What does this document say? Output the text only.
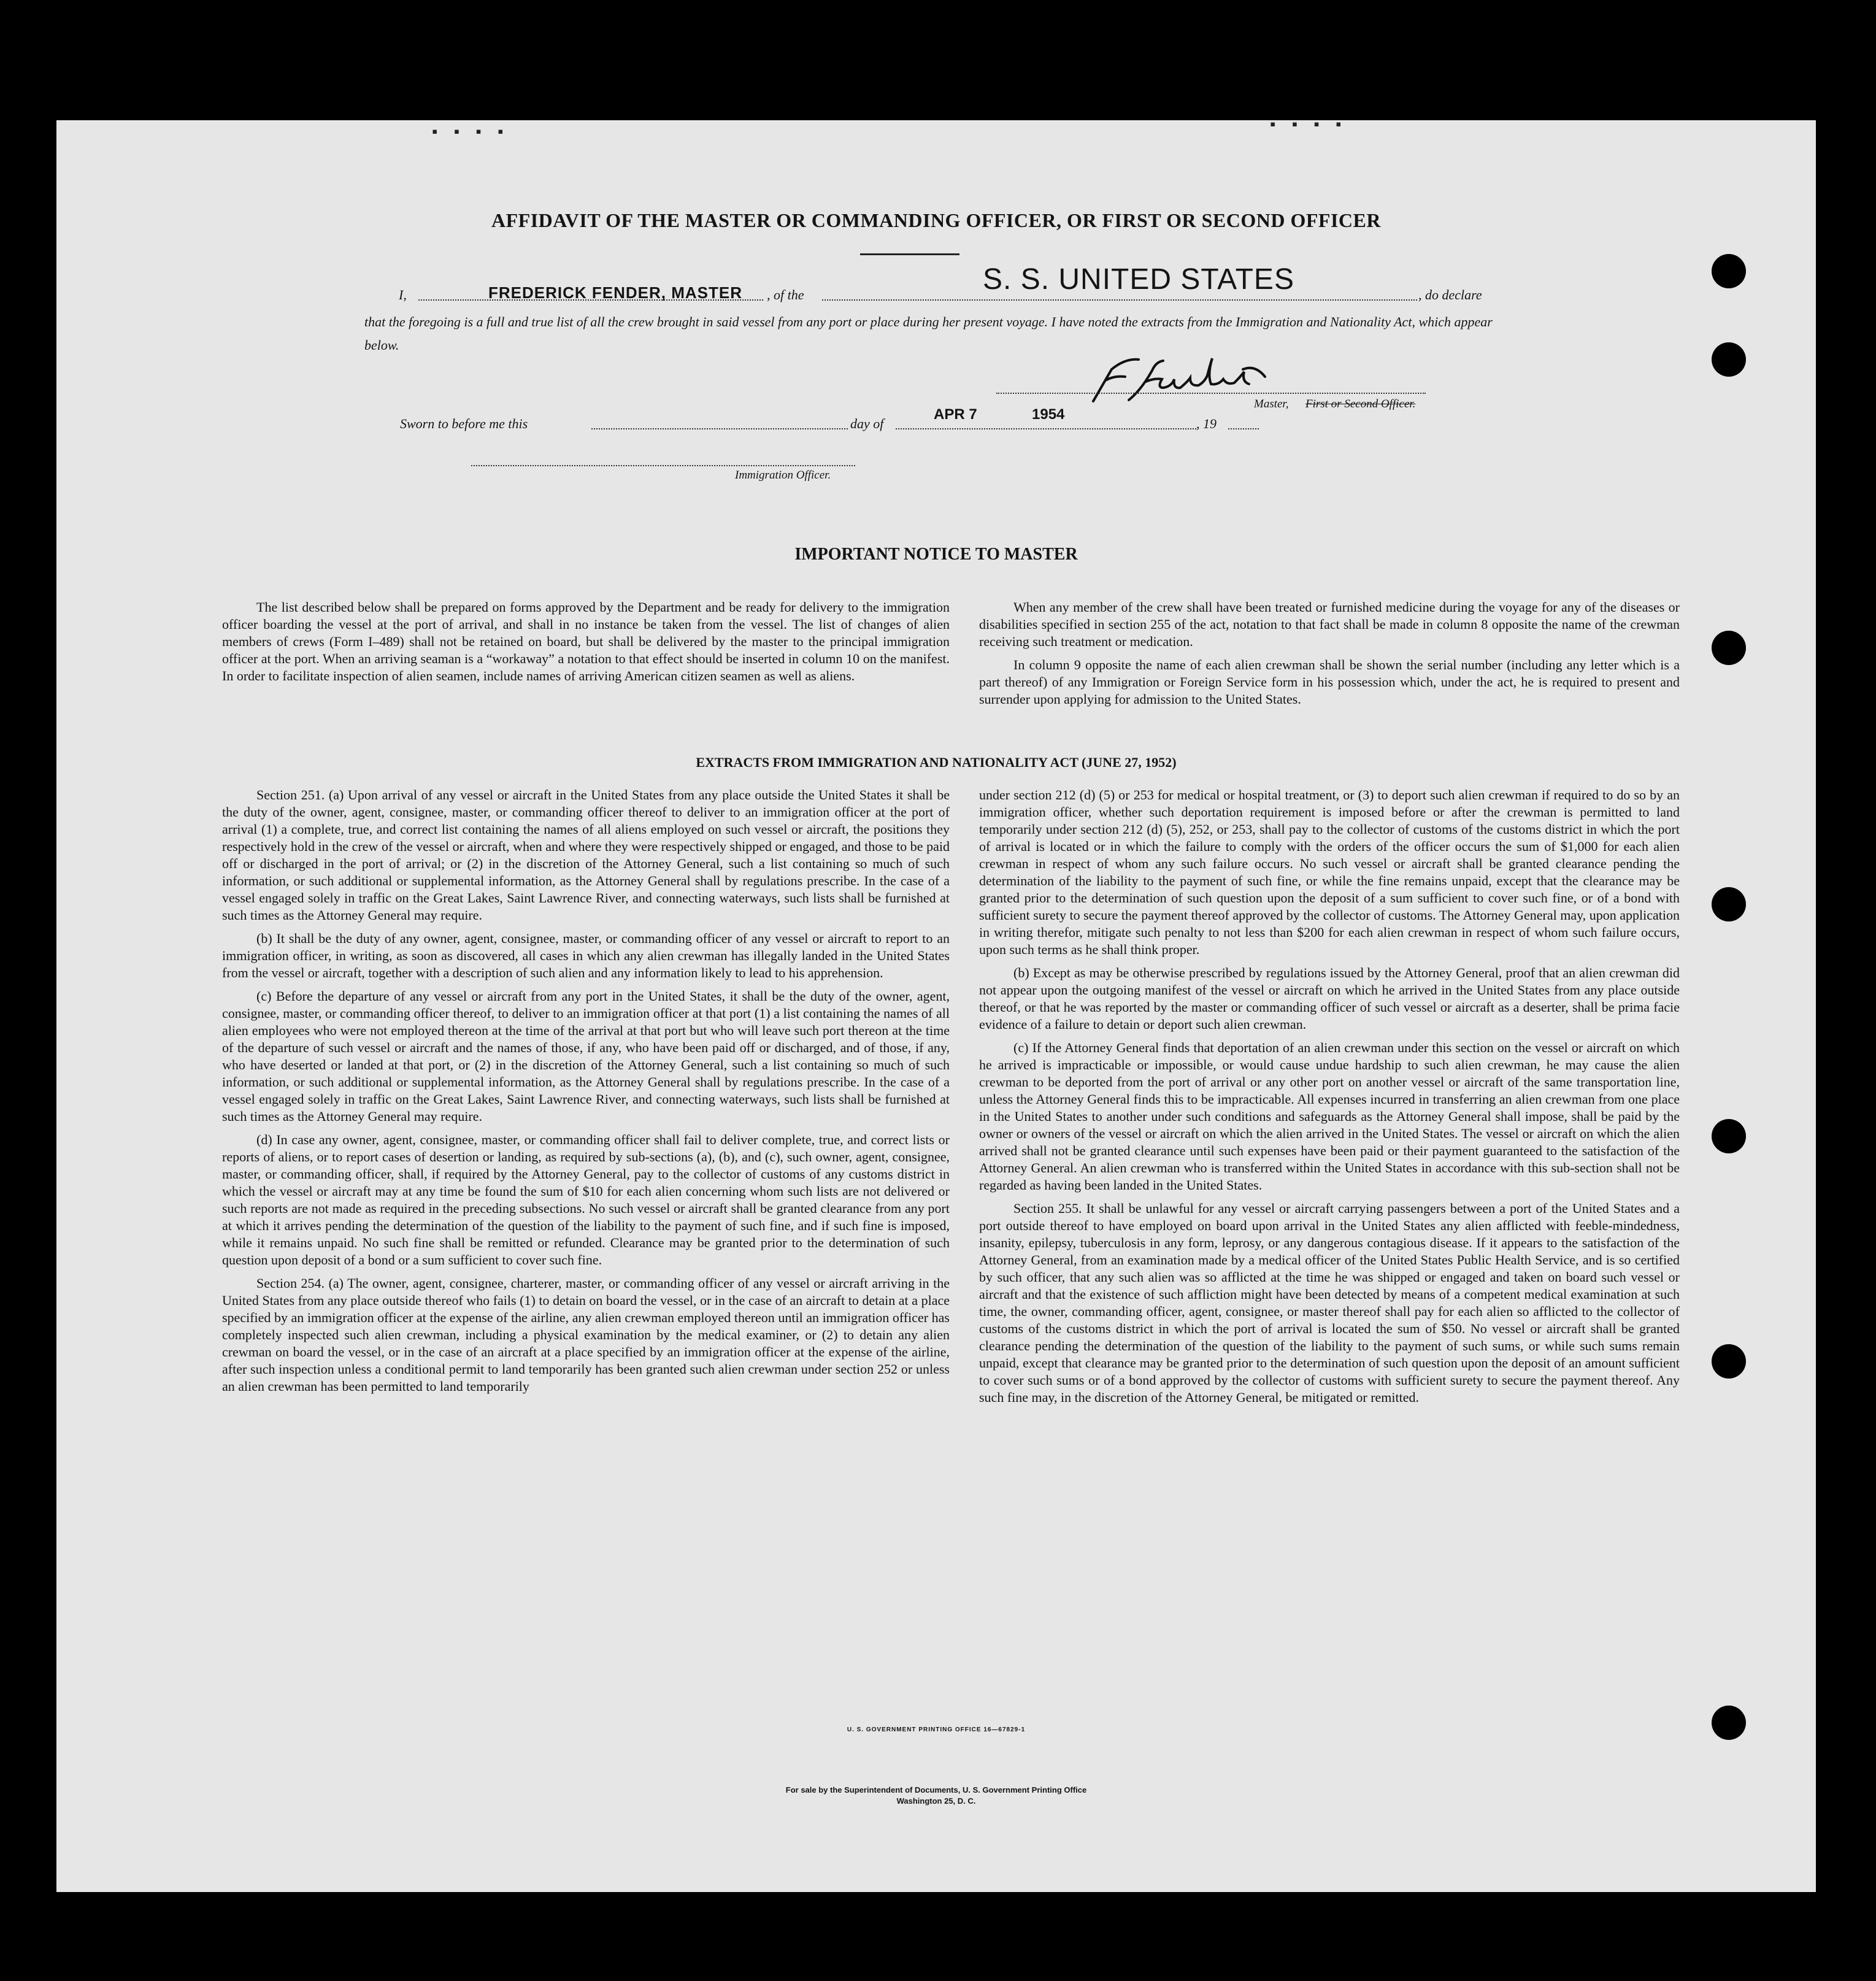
▪ ▪ ▪ ▪	▪ ▪ ▪ ▪
AFFIDAVIT OF THE MASTER OR COMMANDING OFFICER, OR FIRST OR SECOND OFFICER
I,	FREDERICK FENDER, MASTER , of the	S. S. UNITED STATES	, do declare
that the foregoing is a full and true list of all the crew brought in said vessel from any port or place during her present voyage. I have noted the extracts from the Immigration and Nationality Act, which appear below.
Master, First or Second Officer.
Sworn to before me this	day of
APR 7	1954
, 19
Immigration Officer.
IMPORTANT NOTICE TO MASTER

The list described below shall be prepared on forms approved by the Department and be ready for delivery to the immigration officer boarding the vessel at the port of arrival, and shall in no instance be taken from the vessel. The list of changes of alien members of crews (Form I–489) shall not be retained on board, but shall be delivered by the master to the principal immigration officer at the port. When an arriving seaman is a “workaway” a notation to that effect should be inserted in column 10 on the manifest. In order to facilitate inspection of alien seamen, include names of arriving American citizen seamen as well as aliens.

When any member of the crew shall have been treated or furnished medicine during the voyage for any of the diseases or disabilities specified in section 255 of the act, notation to that fact shall be made in column 8 opposite the name of the crewman receiving such treatment or medication.

In column 9 opposite the name of each alien crewman shall be shown the serial number (including any letter which is a part thereof) of any Immigration or Foreign Service form in his possession which, under the act, he is required to present and surrender upon applying for admission to the United States.

EXTRACTS FROM IMMIGRATION AND NATIONALITY ACT (JUNE 27, 1952)

Section 251. (a) Upon arrival of any vessel or aircraft in the United States from any place outside the United States it shall be the duty of the owner, agent, consignee, master, or commanding officer thereof to deliver to an immigration officer at the port of arrival (1) a complete, true, and correct list containing the names of all aliens employed on such vessel or aircraft, the positions they respectively hold in the crew of the vessel or aircraft, when and where they were respectively shipped or engaged, and those to be paid off or discharged in the port of arrival; or (2) in the discretion of the Attorney General, such a list containing so much of such information, or such additional or supplemental information, as the Attorney General shall by regulations prescribe. In the case of a vessel engaged solely in traffic on the Great Lakes, Saint Lawrence River, and connecting waterways, such lists shall be furnished at such times as the Attorney General may require.

(b) It shall be the duty of any owner, agent, consignee, master, or commanding officer of any vessel or aircraft to report to an immigration officer, in writing, as soon as discovered, all cases in which any alien crewman has illegally landed in the United States from the vessel or aircraft, together with a description of such alien and any information likely to lead to his apprehension.

(c) Before the departure of any vessel or aircraft from any port in the United States, it shall be the duty of the owner, agent, consignee, master, or commanding officer thereof, to deliver to an immigration officer at that port (1) a list containing the names of all alien employees who were not employed thereon at the time of the arrival at that port but who will leave such port thereon at the time of the departure of such vessel or aircraft and the names of those, if any, who have been paid off or discharged, and of those, if any, who have deserted or landed at that port, or (2) in the discretion of the Attorney General, such a list containing so much of such information, or such additional or supplemental information, as the Attorney General shall by regulations prescribe. In the case of a vessel engaged solely in traffic on the Great Lakes, Saint Lawrence River, and connecting waterways, such lists shall be furnished at such times as the Attorney General may require.

(d) In case any owner, agent, consignee, master, or commanding officer shall fail to deliver complete, true, and correct lists or reports of aliens, or to report cases of desertion or landing, as required by sub-sections (a), (b), and (c), such owner, agent, consignee, master, or commanding officer, shall, if required by the Attorney General, pay to the collector of customs of any customs district in which the vessel or aircraft may at any time be found the sum of $10 for each alien concerning whom such lists are not delivered or such reports are not made as required in the preceding subsections. No such vessel or aircraft shall be granted clearance from any port at which it arrives pending the determination of the question of the liability to the payment of such fine, and if such fine is imposed, while it remains unpaid. No such fine shall be remitted or refunded. Clearance may be granted prior to the determination of such question upon deposit of a bond or a sum sufficient to cover such fine.

Section 254. (a) The owner, agent, consignee, charterer, master, or commanding officer of any vessel or aircraft arriving in the United States from any place outside thereof who fails (1) to detain on board the vessel, or in the case of an aircraft to detain at a place specified by an immigration officer at the expense of the airline, any alien crewman employed thereon until an immigration officer has completely inspected such alien crewman, including a physical examination by the medical examiner, or (2) to detain any alien crewman on board the vessel, or in the case of an aircraft at a place specified by an immigration officer at the expense of the airline, after such inspection unless a conditional permit to land temporarily has been granted such alien crewman under section 252 or unless an alien crewman has been permitted to land temporarily

under section 212 (d) (5) or 253 for medical or hospital treatment, or (3) to deport such alien crewman if required to do so by an immigration officer, whether such deportation requirement is imposed before or after the crewman is permitted to land temporarily under section 212 (d) (5), 252, or 253, shall pay to the collector of customs of the customs district in which the port of arrival is located or in which the failure to comply with the orders of the officer occurs the sum of $1,000 for each alien crewman in respect of whom any such failure occurs. No such vessel or aircraft shall be granted clearance pending the determination of the liability to the payment of such fine, or while the fine remains unpaid, except that the clearance may be granted prior to the determination of such question upon the deposit of a sum sufficient to cover such fine, or of a bond with sufficient surety to secure the payment thereof approved by the collector of customs. The Attorney General may, upon application in writing therefor, mitigate such penalty to not less than $200 for each alien crewman in respect of whom such failure occurs, upon such terms as he shall think proper.

(b) Except as may be otherwise prescribed by regulations issued by the Attorney General, proof that an alien crewman did not appear upon the outgoing manifest of the vessel or aircraft on which he arrived in the United States from any place outside thereof, or that he was reported by the master or commanding officer of such vessel or aircraft as a deserter, shall be prima facie evidence of a failure to detain or deport such alien crewman.

(c) If the Attorney General finds that deportation of an alien crewman under this section on the vessel or aircraft on which he arrived is impracticable or impossible, or would cause undue hardship to such alien crewman, he may cause the alien crewman to be deported from the port of arrival or any other port on another vessel or aircraft of the same transportation line, unless the Attorney General finds this to be impracticable. All expenses incurred in transferring an alien crewman from one place in the United States to another under such conditions and safeguards as the Attorney General shall impose, shall be paid by the owner or owners of the vessel or aircraft on which the alien arrived in the United States. The vessel or aircraft on which the alien arrived shall not be granted clearance until such expenses have been paid or their payment guaranteed to the satisfaction of the Attorney General. An alien crewman who is transferred within the United States in accordance with this sub-section shall not be regarded as having been landed in the United States.

Section 255. It shall be unlawful for any vessel or aircraft carrying passengers between a port of the United States and a port outside thereof to have employed on board upon arrival in the United States any alien afflicted with feeble-mindedness, insanity, epilepsy, tuberculosis in any form, leprosy, or any dangerous contagious disease. If it appears to the satisfaction of the Attorney General, from an examination made by a medical officer of the United States Public Health Service, and is so certified by such officer, that any such alien was so afflicted at the time he was shipped or engaged and taken on board such vessel or aircraft and that the existence of such affliction might have been detected by means of a competent medical examination at such time, the owner, commanding officer, agent, consignee, or master thereof shall pay for each alien so afflicted to the collector of customs of the customs district in which the port of arrival is located the sum of $50. No vessel or aircraft shall be granted clearance pending the determination of the question of the liability to the payment of such sums, or while such sums remain unpaid, except that clearance may be granted prior to the determination of such question upon the deposit of an amount sufficient to cover such sums or of a bond approved by the collector of customs with sufficient surety to secure the payment thereof. Any such fine may, in the discretion of the Attorney General, be mitigated or remitted.

U. S. GOVERNMENT PRINTING OFFICE 16—67829-1
For sale by the Superintendent of Documents, U. S. Government Printing Office
Washington 25, D. C.
